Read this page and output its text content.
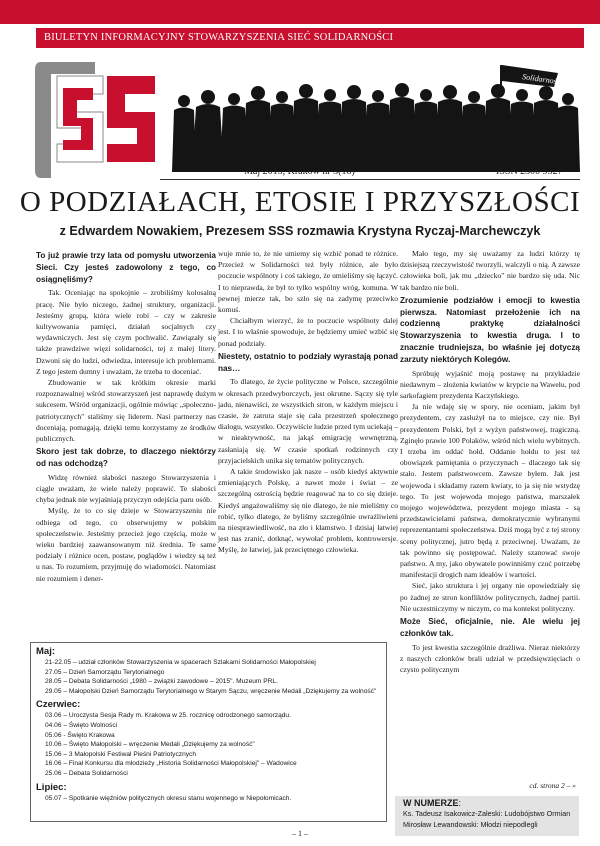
BIULETYN INFORMACYJNY STOWARZYSZENIA SIEĆ SOLIDARNOŚCI
Solidarność
Maj 2015, Kraków nr 3(18)	ISSN 2300 9527
O PODZIAŁACH, ETOSIE I PRZYSZŁOŚCI
z Edwardem Nowakiem, Prezesem SSS rozmawia Krystyna Ryczaj-Marchewczyk
To już prawie trzy lata od pomysłu utworzenia Sieci. Czy jesteś zadowolony z tego, co osiągnęliśmy?

Tak. Oceniając na spokojnie – zrobiliśmy kolosalną pracę. Nie było niczego, żadnej struktury, organizacji. Jesteśmy grupą, która wiele robi – czy w zakresie kultywowania pamięci, działań socjalnych czy wydawniczych. Jest się czym pochwalić. Zawiązały się także prawdziwe więzi solidarności, tej z małej litery. Dzwoni się do ludzi, odwiedza, interesuje ich problemami. Z tego jestem dumny i uważam, że trzeba to doceniać.

Zbudowanie w tak krótkim okresie marki rozpoznawalnej wśród stowarzyszeń jest naprawdę dużym sukcesem. Wśród organizacji, ogólnie mówiąc „społeczno-patriotycznych" staliśmy się liderem. Nasi partnerzy nas doceniają, pomagają, dzięki temu korzystamy ze środków publicznych.

Skoro jest tak dobrze, to dlaczego niektórzy od nas odchodzą?

Widzę również słabości naszego Stowarzyszenia i ciągle uważam, że wiele należy poprawić. Te słabości chyba jednak nie wyjaśniają przyczyn odejścia paru osób.

Myślę, że to co się dzieje w Stowarzyszeniu nie odbiega od tego, co obserwujemy w polskim społeczeństwie. Jesteśmy przecież jego częścią, może w wieku bardziej zaawansowanym niż średnia. Te same podziały i różnice ocen, postaw, poglądów i wiedzy są też u nas. To rozumiem, przyjmuję do wiadomości. Natomiast nie rozumiem i dener-

wuje mnie to, że nie umiemy się wzbić ponad te różnice. Przecież w Solidarności też były różnice, ale było poczucie wspólnoty i coś takiego, że umieliśmy się łączyć. I to nieprawda, że był to tylko wspólny wróg, komuna. W pewnej mierze tak, bo szło się na zadymę przeciwko komuś.

Chciałbym wierzyć, że to poczucie wspólnoty dalej jest. I to właśnie spowoduje, że będziemy umieć wzbić się ponad podziały.

Niestety, ostatnio to podziały wyrastają ponad nas…

To dlatego, że życie polityczne w Polsce, szczególnie w okresach przedwyborczych, jest okrutne. Sączy się tyle jadu, nienawiści, ze wszystkich stron, w każdym miejscu i czasie, że zatruta staje się cała przestrzeń społecznego dialogu, wszystko. Oczywiście ludzie przed tym uciekają – w nieaktywność, na jakąś emigrację wewnętrzną, zasłaniają się. W czasie spotkań rodzinnych czy przyjacielskich unika się tematów politycznych.

A takie środowisko jak nasze – osób kiedyś aktywnie zmieniających Polskę, a nawet może i świat – ze szczególną ostrością będzie reagować na to co się dzieje. Kiedyś angażowaliśmy się nie dlatego, że nie mieliśmy co robić, tylko dlatego, że byliśmy szczególnie uwrażliwieni na niesprawiedliwość, na zło i kłamstwo. I dzisiaj łatwiej jest nas zranić, dotknąć, wywołać problem, kontrowersje. Myślę, że łatwiej, jak przeciętnego człowieka.

Mało tego, my się uważamy za ludzi którzy tę dzisiejszą rzeczywistość tworzyli, walczyli o nią. A zawsze człowieka boli, jak mu „dziecko" nie bardzo się uda. Nic tak bardzo nie boli.

Zrozumienie podziałów i emocji to kwestia pierwsza. Natomiast przełożenie ich na codzienną praktykę działalności Stowarzyszenia to kwestia druga. I to znacznie trudniejsza, bo właśnie jej dotyczą zarzuty niektórych Kolegów.

Spróbuję wyjaśnić moją postawę na przykładzie niedawnym – złożenia kwiatów w krypcie na Wawelu, pod sarkofagiem prezydenta Kaczyńskiego.

Ja nie wdaję się w spory, nie oceniam, jakim był prezydentem, czy zasłużył na to miejsce, czy nie. Był prezydentem Polski, był z wyżyn państwowej, tragiczną. Zginęło prawie 100 Polaków, wśród nich wielu wybitnych. I trzeba im oddać hołd. Oddanie hołdu to jest też obowiązek pamiętania o przyczynach – dlaczego tak się stało. Jestem państwowcem. Zawsze byłem. Jak jest wojewoda i składamy razem kwiaty, to ja się nie wstydzę tego. To jest wojewoda mojego państwa, marszałek mojego województwa, prezydent mojego miasta - są przedstawicielami państwa, demokratycznie wybranymi reprezentantami społeczeństwa. Dziś mogą być z tej strony sceny politycznej, jutro będą z przeciwnej. Uważam, że tak powinno się postępować. Należy szanować swoje państwo. A my, jako obywatele powinniśmy czuć potrzebę manifestacji drogich nam ideałów i wartości.

Sieć, jako struktura i jej organy nie opowiedziały się po żadnej ze stron konfliktów politycznych, żadnej partii. Nie uczestniczymy w niczym, co ma kontekst polityczny.

Może Sieć, oficjalnie, nie. Ale wielu jej członków tak.

To jest kwestia szczególnie drażliwa. Nieraz niektórzy z naszych członków brali udział w przedsięwzięciach o czysto politycznym

cd. strona 2 – »
Maj:
21-22.05 – udział członków Stowarzyszenia w spacerach Szlakami Solidarności Małopolskiej
27.05 – Dzień Samorządu Terytorialnego
28.05 – Debata Solidarności „1980 – związki zawodowe – 2015". Muzeum PRL.
29.05 – Małopolski Dzień Samorządu Terytorialnego w Starym Sączu, wręczenie Medali „Dziękujemy za wolność"
Czerwiec:
03.06 – Uroczysta Sesja Rady m. Krakowa w 25. rocznicę odrodzonego samorządu.
04.06 – Święto Wolności
05.06 - Święto Krakowa
10.06 – Święto Małopolski – wręczenie Medali „Dziękujemy za wolność"
15.06 – 3 Małopolski Festiwal Pieśni Patriotycznych
16.06 – Finał Konkursu dla młodzieży „Historia Solidarności Małopolskiej" – Wadowice
25.06 – Debata Solidarności
Lipiec:
05.07 – Spotkanie więźniów politycznych okresu stanu wojennego w Niepołomicach.	W NUMERZE:
Ks. Tadeusz Isakowicz-Zaleski: Ludobójstwo Ormian
Mirosław Lewandowski: Młodzi niepodlegli
– 1 –
